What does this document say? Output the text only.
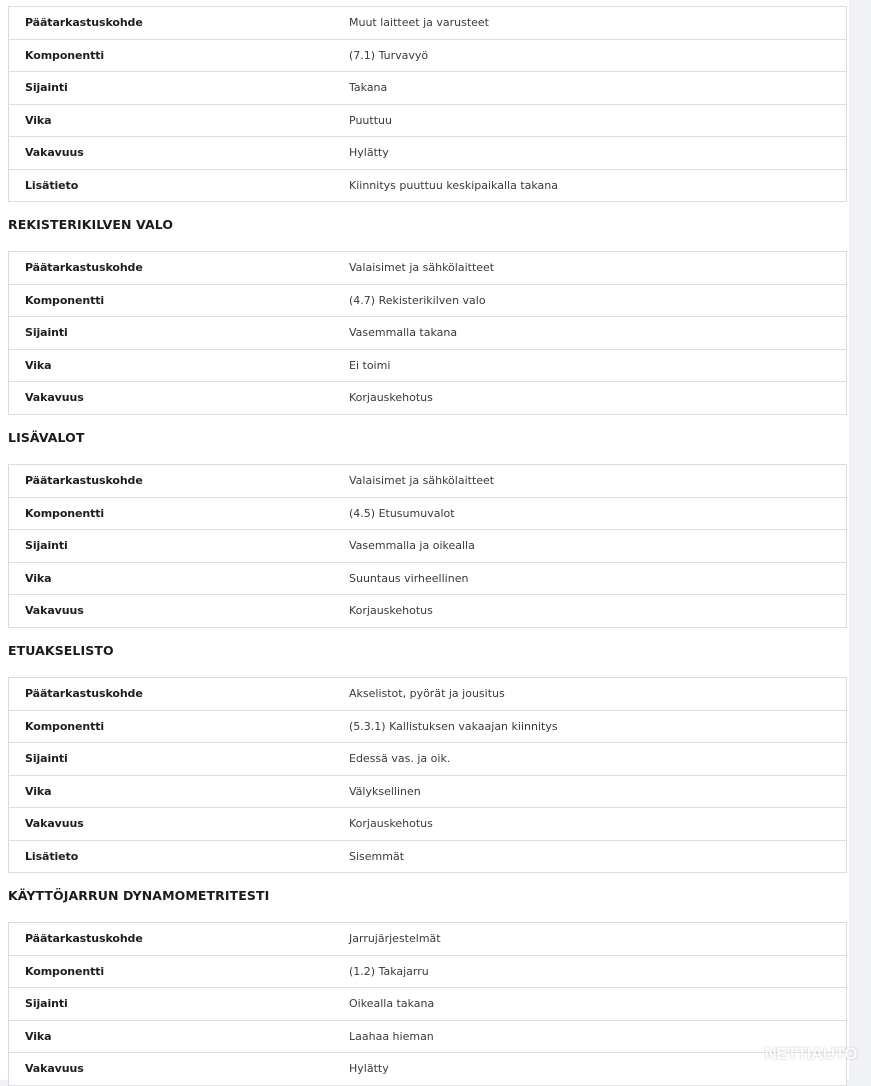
Päätarkastuskohde	Muut laitteet ja varusteet
Komponentti	(7.1) Turvavyö
Sijainti	Takana
Vika	Puuttuu
Vakavuus	Hylätty
Lisätieto	Kiinnitys puuttuu keskipaikalla takana
REKISTERIKILVEN VALO
Päätarkastuskohde	Valaisimet ja sähkölaitteet
Komponentti	(4.7) Rekisterikilven valo
Sijainti	Vasemmalla takana
Vika	Ei toimi
Vakavuus	Korjauskehotus
LISÄVALOT
Päätarkastuskohde	Valaisimet ja sähkölaitteet
Komponentti	(4.5) Etusumuvalot
Sijainti	Vasemmalla ja oikealla
Vika	Suuntaus virheellinen
Vakavuus	Korjauskehotus
ETUAKSELISTO
Päätarkastuskohde	Akselistot, pyörät ja jousitus
Komponentti	(5.3.1) Kallistuksen vakaajan kiinnitys
Sijainti	Edessä vas. ja oik.
Vika	Välyksellinen
Vakavuus	Korjauskehotus
Lisätieto	Sisemmät
KÄYTTÖJARRUN DYNAMOMETRITESTI
Päätarkastuskohde	Jarrujärjestelmät
Komponentti	(1.2) Takajarru
Sijainti	Oikealla takana
Vika	Laahaa hieman
Vakavuus	Hylätty
NETTIAUTO
